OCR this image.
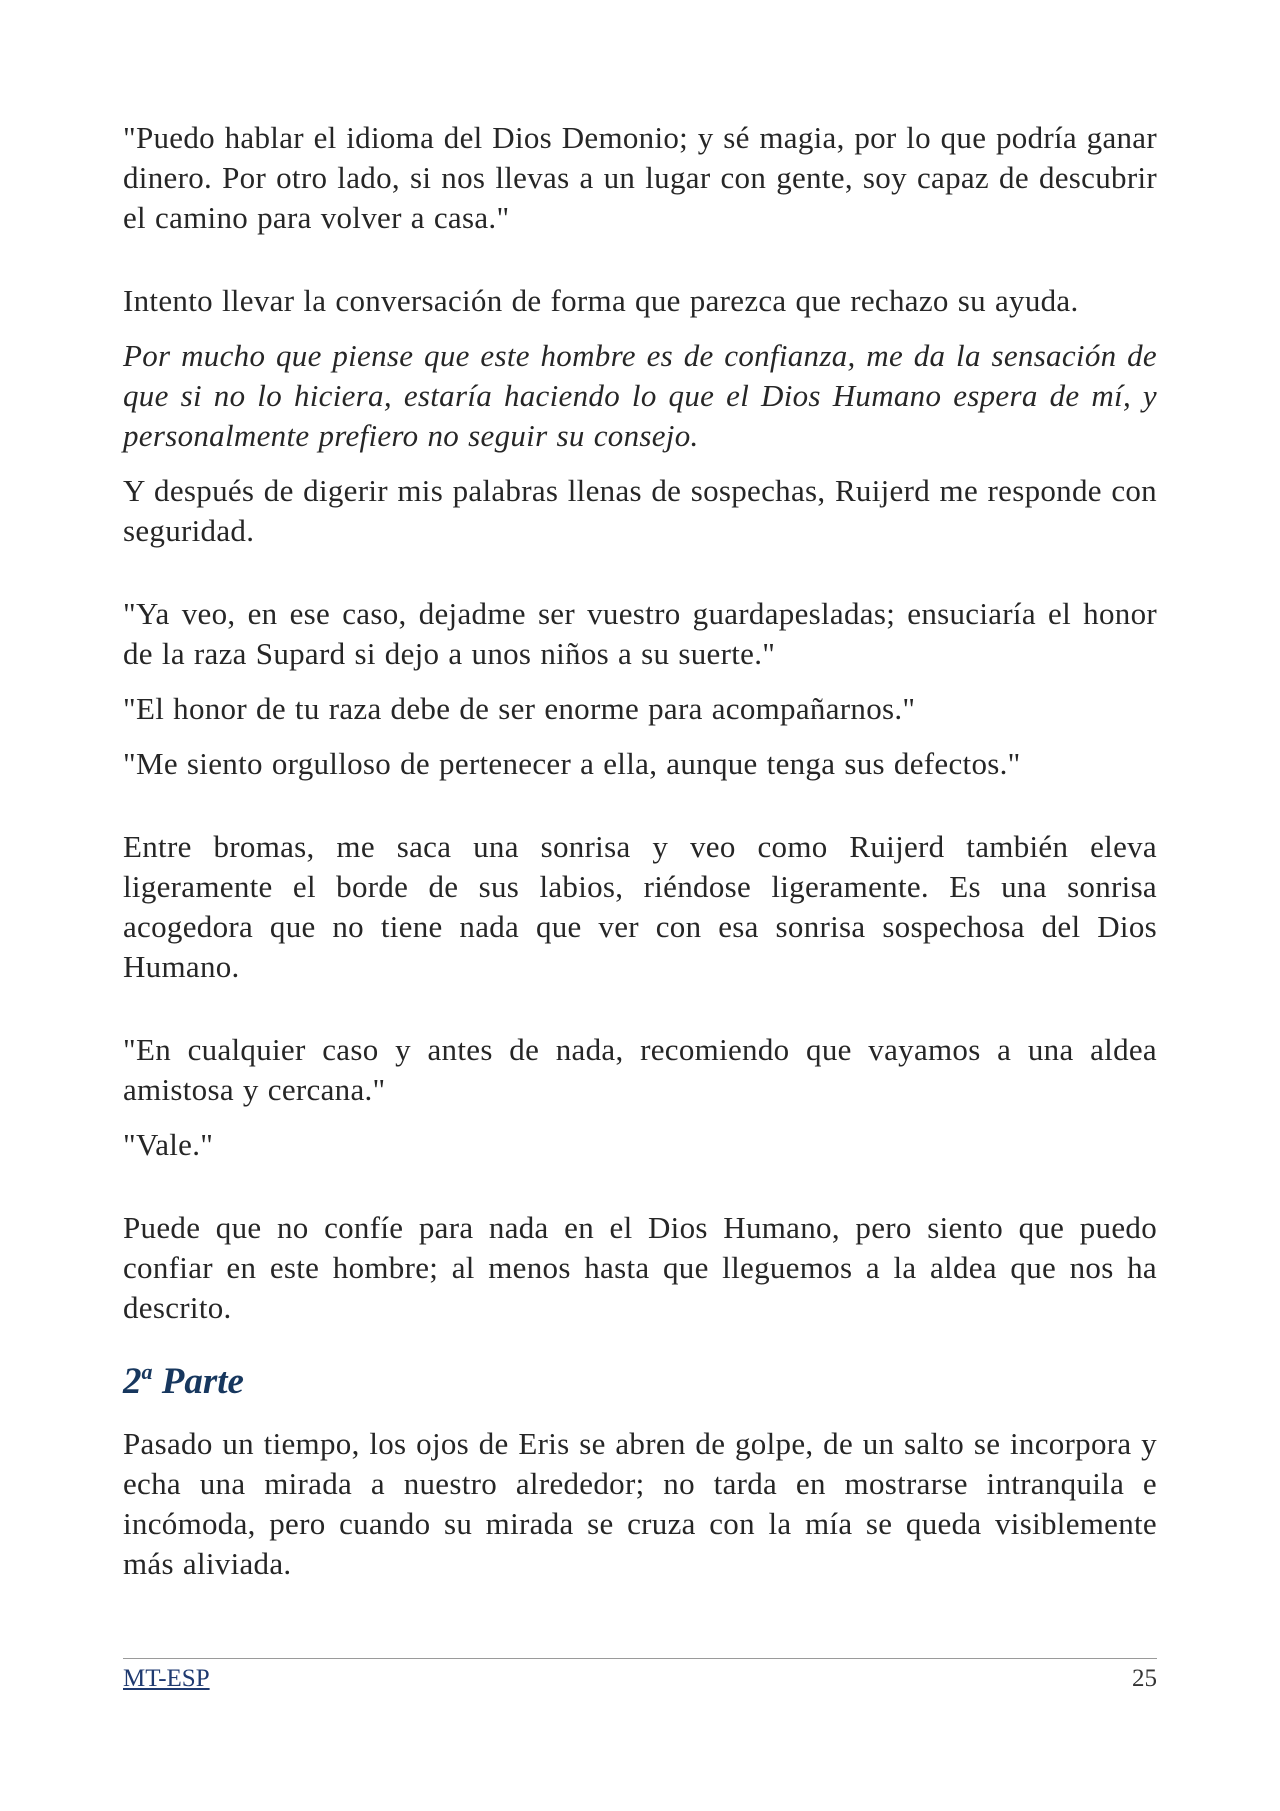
"Puedo hablar el idioma del Dios Demonio; y sé magia, por lo que podría ganar dinero. Por otro lado, si nos llevas a un lugar con gente, soy capaz de descubrir el camino para volver a casa."

Intento llevar la conversación de forma que parezca que rechazo su ayuda.

Por mucho que piense que este hombre es de confianza, me da la sensación de que si no lo hiciera, estaría haciendo lo que el Dios Humano espera de mí, y personalmente prefiero no seguir su consejo.

Y después de digerir mis palabras llenas de sospechas, Ruijerd me responde con seguridad.

"Ya veo, en ese caso, dejadme ser vuestro guardapesladas; ensuciaría el honor de la raza Supard si dejo a unos niños a su suerte."

"El honor de tu raza debe de ser enorme para acompañarnos."

"Me siento orgulloso de pertenecer a ella, aunque tenga sus defectos."

Entre bromas, me saca una sonrisa y veo como Ruijerd también eleva ligeramente el borde de sus labios, riéndose ligeramente. Es una sonrisa acogedora que no tiene nada que ver con esa sonrisa sospechosa del Dios Humano.

"En cualquier caso y antes de nada, recomiendo que vayamos a una aldea amistosa y cercana."

"Vale."

Puede que no confíe para nada en el Dios Humano, pero siento que puedo confiar en este hombre; al menos hasta que lleguemos a la aldea que nos ha descrito.

2$^a$ Parte

Pasado un tiempo, los ojos de Eris se abren de golpe, de un salto se incorpora y echa una mirada a nuestro alrededor; no tarda en mostrarse intranquila e incómoda, pero cuando su mirada se cruza con la mía se queda visiblemente más aliviada.

MT-ESP	25
